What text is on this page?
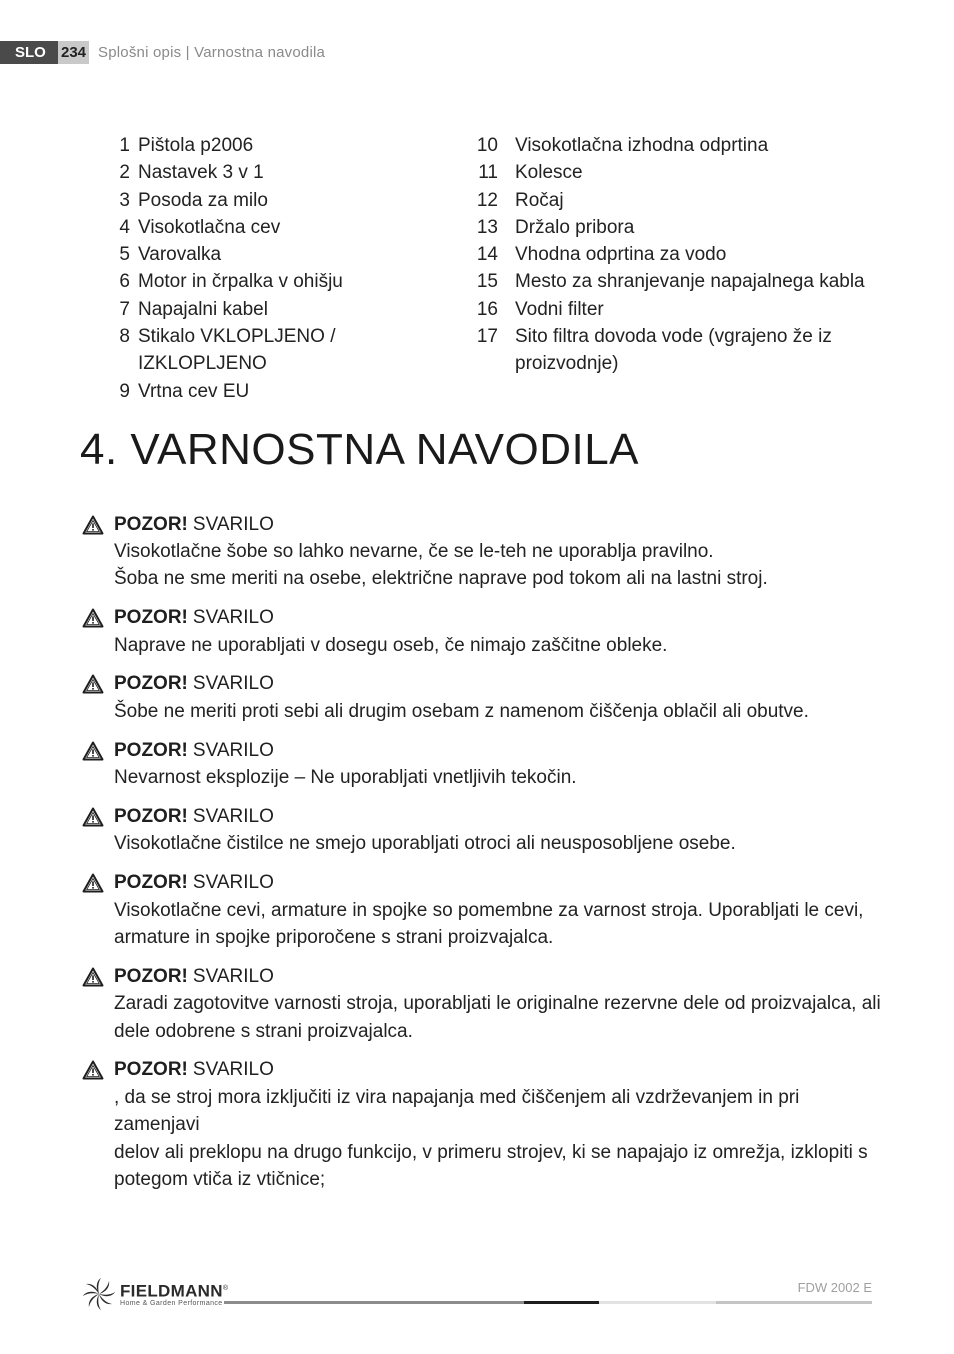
SLO	234 Splošni opis | Varnostna navodila
1 Pištola p2006
2 Nastavek 3 v 1
3 Posoda za milo
4 Visokotlačna cev
5 Varovalka
6 Motor in črpalka v ohišju
7 Napajalni kabel
8 Stikalo VKLOPLJENO / IZKLOPLJENO
9 Vrtna cev EU
10 Visokotlačna izhodna odprtina
11 Kolesce
12 Ročaj
13 Držalo pribora
14 Vhodna odprtina za vodo
15 Mesto za shranjevanje napajalnega kabla
16 Vodni filter
17 Sito filtra dovoda vode (vgrajeno že iz proizvodnje)
4. VARNOSTNA NAVODILA
POZOR! SVARILO
Visokotlačne šobe so lahko nevarne, če se le-teh ne uporablja pravilno.
Šoba ne sme meriti na osebe, električne naprave pod tokom ali na lastni stroj.
POZOR! SVARILO
Naprave ne uporabljati v dosegu oseb, če nimajo zaščitne obleke.
POZOR! SVARILO
Šobe ne meriti proti sebi ali drugim osebam z namenom čiščenja oblačil ali obutve.
POZOR! SVARILO
Nevarnost eksplozije – Ne uporabljati vnetljivih tekočin.
POZOR! SVARILO
Visokotlačne čistilce ne smejo uporabljati otroci ali neusposobljene osebe.
POZOR! SVARILO
Visokotlačne cevi, armature in spojke so pomembne za varnost stroja. Uporabljati le cevi,
armature in spojke priporočene s strani proizvajalca.
POZOR! SVARILO
Zaradi zagotovitve varnosti stroja, uporabljati le originalne rezervne dele od proizvajalca, ali
dele odobrene s strani proizvajalca.
POZOR! SVARILO
, da se stroj mora izključiti iz vira napajanja med čiščenjem ali vzdrževanjem in pri zamenjavi
delov ali preklopu na drugo funkcijo, v primeru strojev, ki se napajajo iz omrežja, izklopiti s
potegom vtiča iz vtičnice;
FIELDMANN®
Home & Garden Performance
FDW 2002 E
